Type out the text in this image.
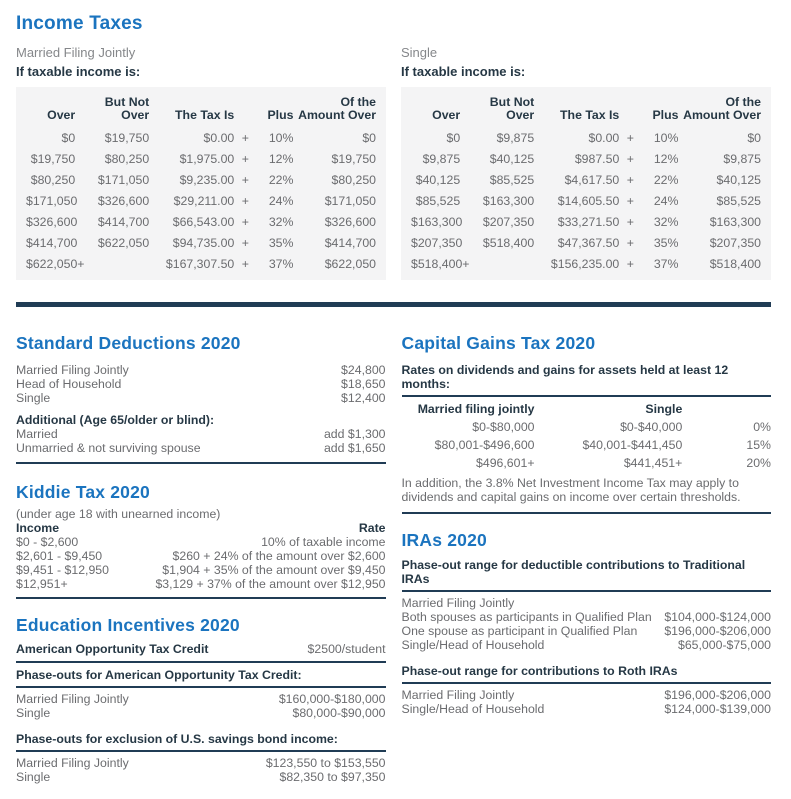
Income Taxes
Married Filing Jointly
If taxable income is:
Over	But Not Over	The Tax Is		Plus	Of the Amount Over
$0	$19,750	$0.00	+	10%	$0
$19,750	$80,250	$1,975.00	+	12%	$19,750
$80,250	$171,050	$9,235.00	+	22%	$80,250
$171,050	$326,600	$29,211.00	+	24%	$171,050
$326,600	$414,700	$66,543.00	+	32%	$326,600
$414,700	$622,050	$94,735.00	+	35%	$414,700
$622,050+		$167,307.50	+	37%	$622,050
Single
If taxable income is:
Over	But Not Over	The Tax Is		Plus	Of the Amount Over
$0	$9,875	$0.00	+	10%	$0
$9,875	$40,125	$987.50	+	12%	$9,875
$40,125	$85,525	$4,617.50	+	22%	$40,125
$85,525	$163,300	$14,605.50	+	24%	$85,525
$163,300	$207,350	$33,271.50	+	32%	$163,300
$207,350	$518,400	$47,367.50	+	35%	$207,350
$518,400+		$156,235.00	+	37%	$518,400
Standard Deductions 2020
Married Filing Jointly	$24,800
Head of Household	$18,650
Single	$12,400
Additional (Age 65/older or blind):
Married	add $1,300
Unmarried & not surviving spouse	add $1,650
Kiddie Tax 2020
(under age 18 with unearned income)
Income	Rate
$0 - $2,600	10% of taxable income
$2,601 - $9,450	$260 + 24% of the amount over $2,600
$9,451 - $12,950	$1,904 + 35% of the amount over $9,450
$12,951+	$3,129 + 37% of the amount over $12,950
Education Incentives 2020
American Opportunity Tax Credit	$2500/student
Phase-outs for American Opportunity Tax Credit:
Married Filing Jointly	$160,000-$180,000
Single	$80,000-$90,000
Phase-outs for exclusion of U.S. savings bond income:
Married Filing Jointly	$123,550 to $153,550
Single	$82,350 to $97,350
Capital Gains Tax 2020
Rates on dividends and gains for assets held at least 12 months:
Married filing jointly	Single	
$0-$80,000	$0-$40,000	0%
$80,001-$496,600	$40,001-$441,450	15%
$496,601+	$441,451+	20%
In addition, the 3.8% Net Investment Income Tax may apply to dividends and capital gains on income over certain thresholds.
IRAs 2020
Phase-out range for deductible contributions to Traditional IRAs
Married Filing Jointly
Both spouses as participants in Qualified Plan	$104,000-$124,000
One spouse as participant in Qualified Plan	$196,000-$206,000
Single/Head of Household	$65,000-$75,000
Phase-out range for contributions to Roth IRAs
Married Filing Jointly	$196,000-$206,000
Single/Head of Household	$124,000-$139,000
